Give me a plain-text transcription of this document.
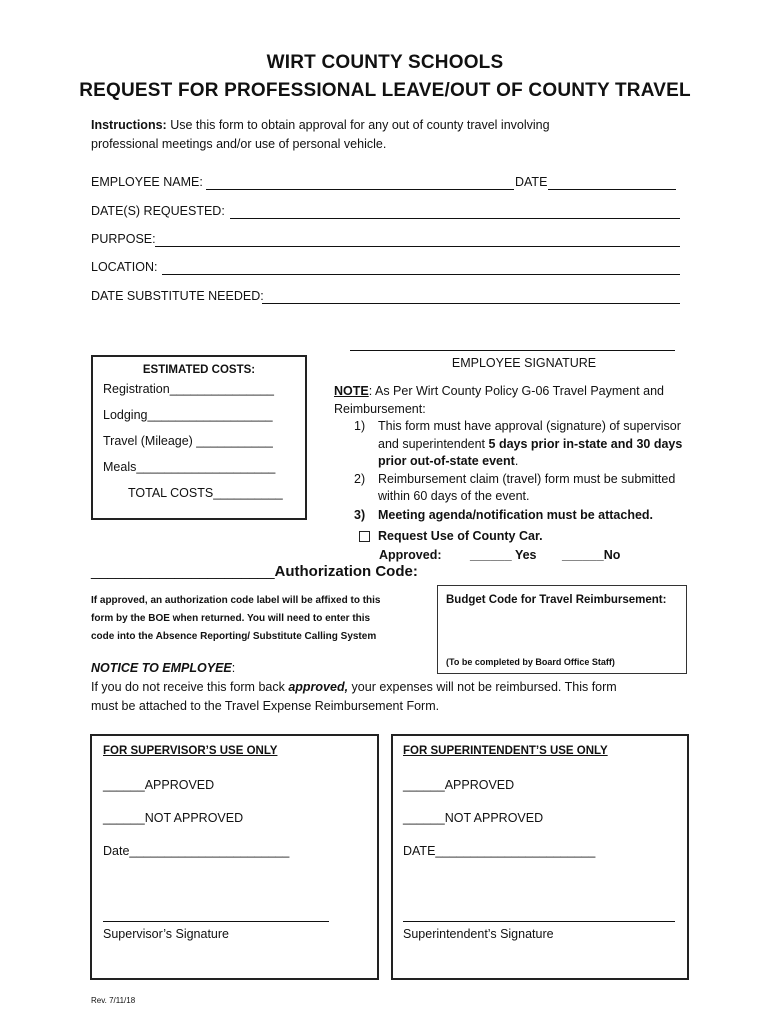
WIRT COUNTY SCHOOLS
REQUEST FOR PROFESSIONAL LEAVE/OUT OF COUNTY TRAVEL
Instructions: Use this form to obtain approval for any out of county travel involving
professional meetings and/or use of personal vehicle.
EMPLOYEE NAME:	DATE
DATE(S) REQUESTED:
PURPOSE:
LOCATION:
DATE SUBSTITUTE NEEDED:
ESTIMATED COSTS:
Registration_______________
Lodging__________________
Travel (Mileage) ___________
Meals____________________
TOTAL COSTS__________
EMPLOYEE SIGNATURE
NOTE: As Per Wirt County Policy G-06 Travel Payment and
Reimbursement:
1) This form must have approval (signature) of supervisor
and superintendent 5 days prior in-state and 30 days
prior out-of-state event.
2) Reimbursement claim (travel) form must be submitted
within 60 days of the event.
3) Meeting agenda/notification must be attached.
Request Use of County Car.
Approved: ______ Yes ______No
______________________Authorization Code:
If approved, an authorization code label will be affixed to this
form by the BOE when returned. You will need to enter this
code into the Absence Reporting/ Substitute Calling System
Budget Code for Travel Reimbursement:
(To be completed by Board Office Staff)
NOTICE TO EMPLOYEE:
If you do not receive this form back approved, your expenses will not be reimbursed. This form
must be attached to the Travel Expense Reimbursement Form.
FOR SUPERVISOR’S USE ONLY
______APPROVED
______NOT APPROVED
Date_______________________
Supervisor’s Signature
FOR SUPERINTENDENT’S USE ONLY
______APPROVED
______NOT APPROVED
DATE_______________________
Superintendent’s Signature
Rev. 7/11/18
